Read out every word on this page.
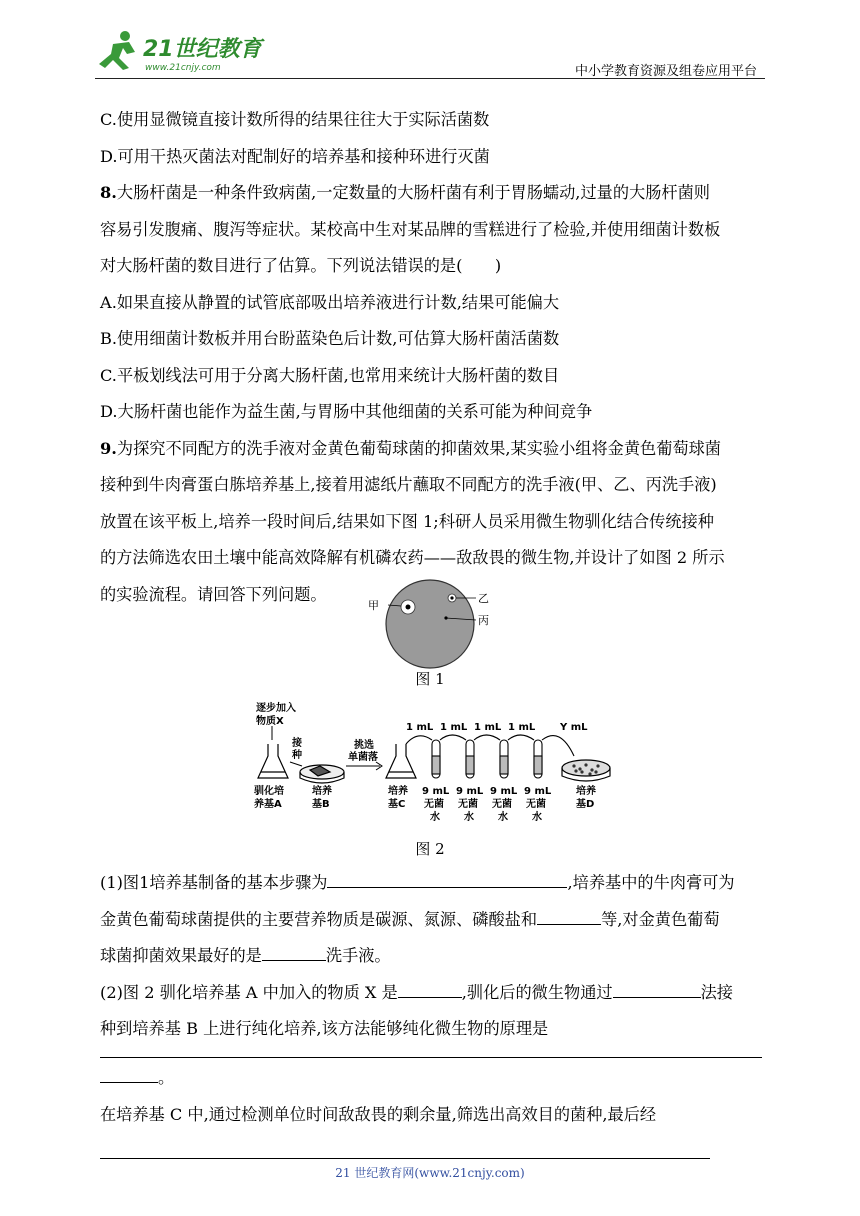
21世纪教育
www.21cnjy.com	中小学教育资源及组卷应用平台

C.使用显微镜直接计数所得的结果往往大于实际活菌数

D.可用干热灭菌法对配制好的培养基和接种环进行灭菌

8.大肠杆菌是一种条件致病菌,一定数量的大肠杆菌有利于胃肠蠕动,过量的大肠杆菌则

容易引发腹痛、腹泻等症状。某校高中生对某品牌的雪糕进行了检验,并使用细菌计数板

对大肠杆菌的数目进行了估算。下列说法错误的是(　　)

A.如果直接从静置的试管底部吸出培养液进行计数,结果可能偏大

B.使用细菌计数板并用台盼蓝染色后计数,可估算大肠杆菌活菌数

C.平板划线法可用于分离大肠杆菌,也常用来统计大肠杆菌的数目

D.大肠杆菌也能作为益生菌,与胃肠中其他细菌的关系可能为种间竞争

9.为探究不同配方的洗手液对金黄色葡萄球菌的抑菌效果,某实验小组将金黄色葡萄球菌

接种到牛肉膏蛋白胨培养基上,接着用滤纸片蘸取不同配方的洗手液(甲、乙、丙洗手液)

放置在该平板上,培养一段时间后,结果如下图 1;科研人员采用微生物驯化结合传统接种

的方法筛选农田土壤中能高效降解有机磷农药——敌敌畏的微生物,并设计了如图 2 所示

的实验流程。请回答下列问题。

甲
乙
丙
图 1
逐步加入
物质X
驯化培
养基A
接
种
培养
基B
挑选
单菌落
培养
基C
1 mL 1 mL 1 mL 1 mL Y mL
9 mL 9 mL 9 mL 9 mL
无菌 无菌 无菌 无菌
水 水 水 水
培养
基D
图 2

(1)图1培养基制备的基本步骤为	,培养基中的牛肉膏可为

金黄色葡萄球菌提供的主要营养物质是碳源、氮源、磷酸盐和	等,对金黄色葡萄

球菌抑菌效果最好的是	洗手液。

(2)图 2 驯化培养基 A 中加入的物质 X 是	,驯化后的微生物通过	法接

种到培养基 B 上进行纯化培养,该方法能够纯化微生物的原理是

。

在培养基 C 中,通过检测单位时间敌敌畏的剩余量,筛选出高效目的菌种,最后经

21 世纪教育网(www.21cnjy.com)
